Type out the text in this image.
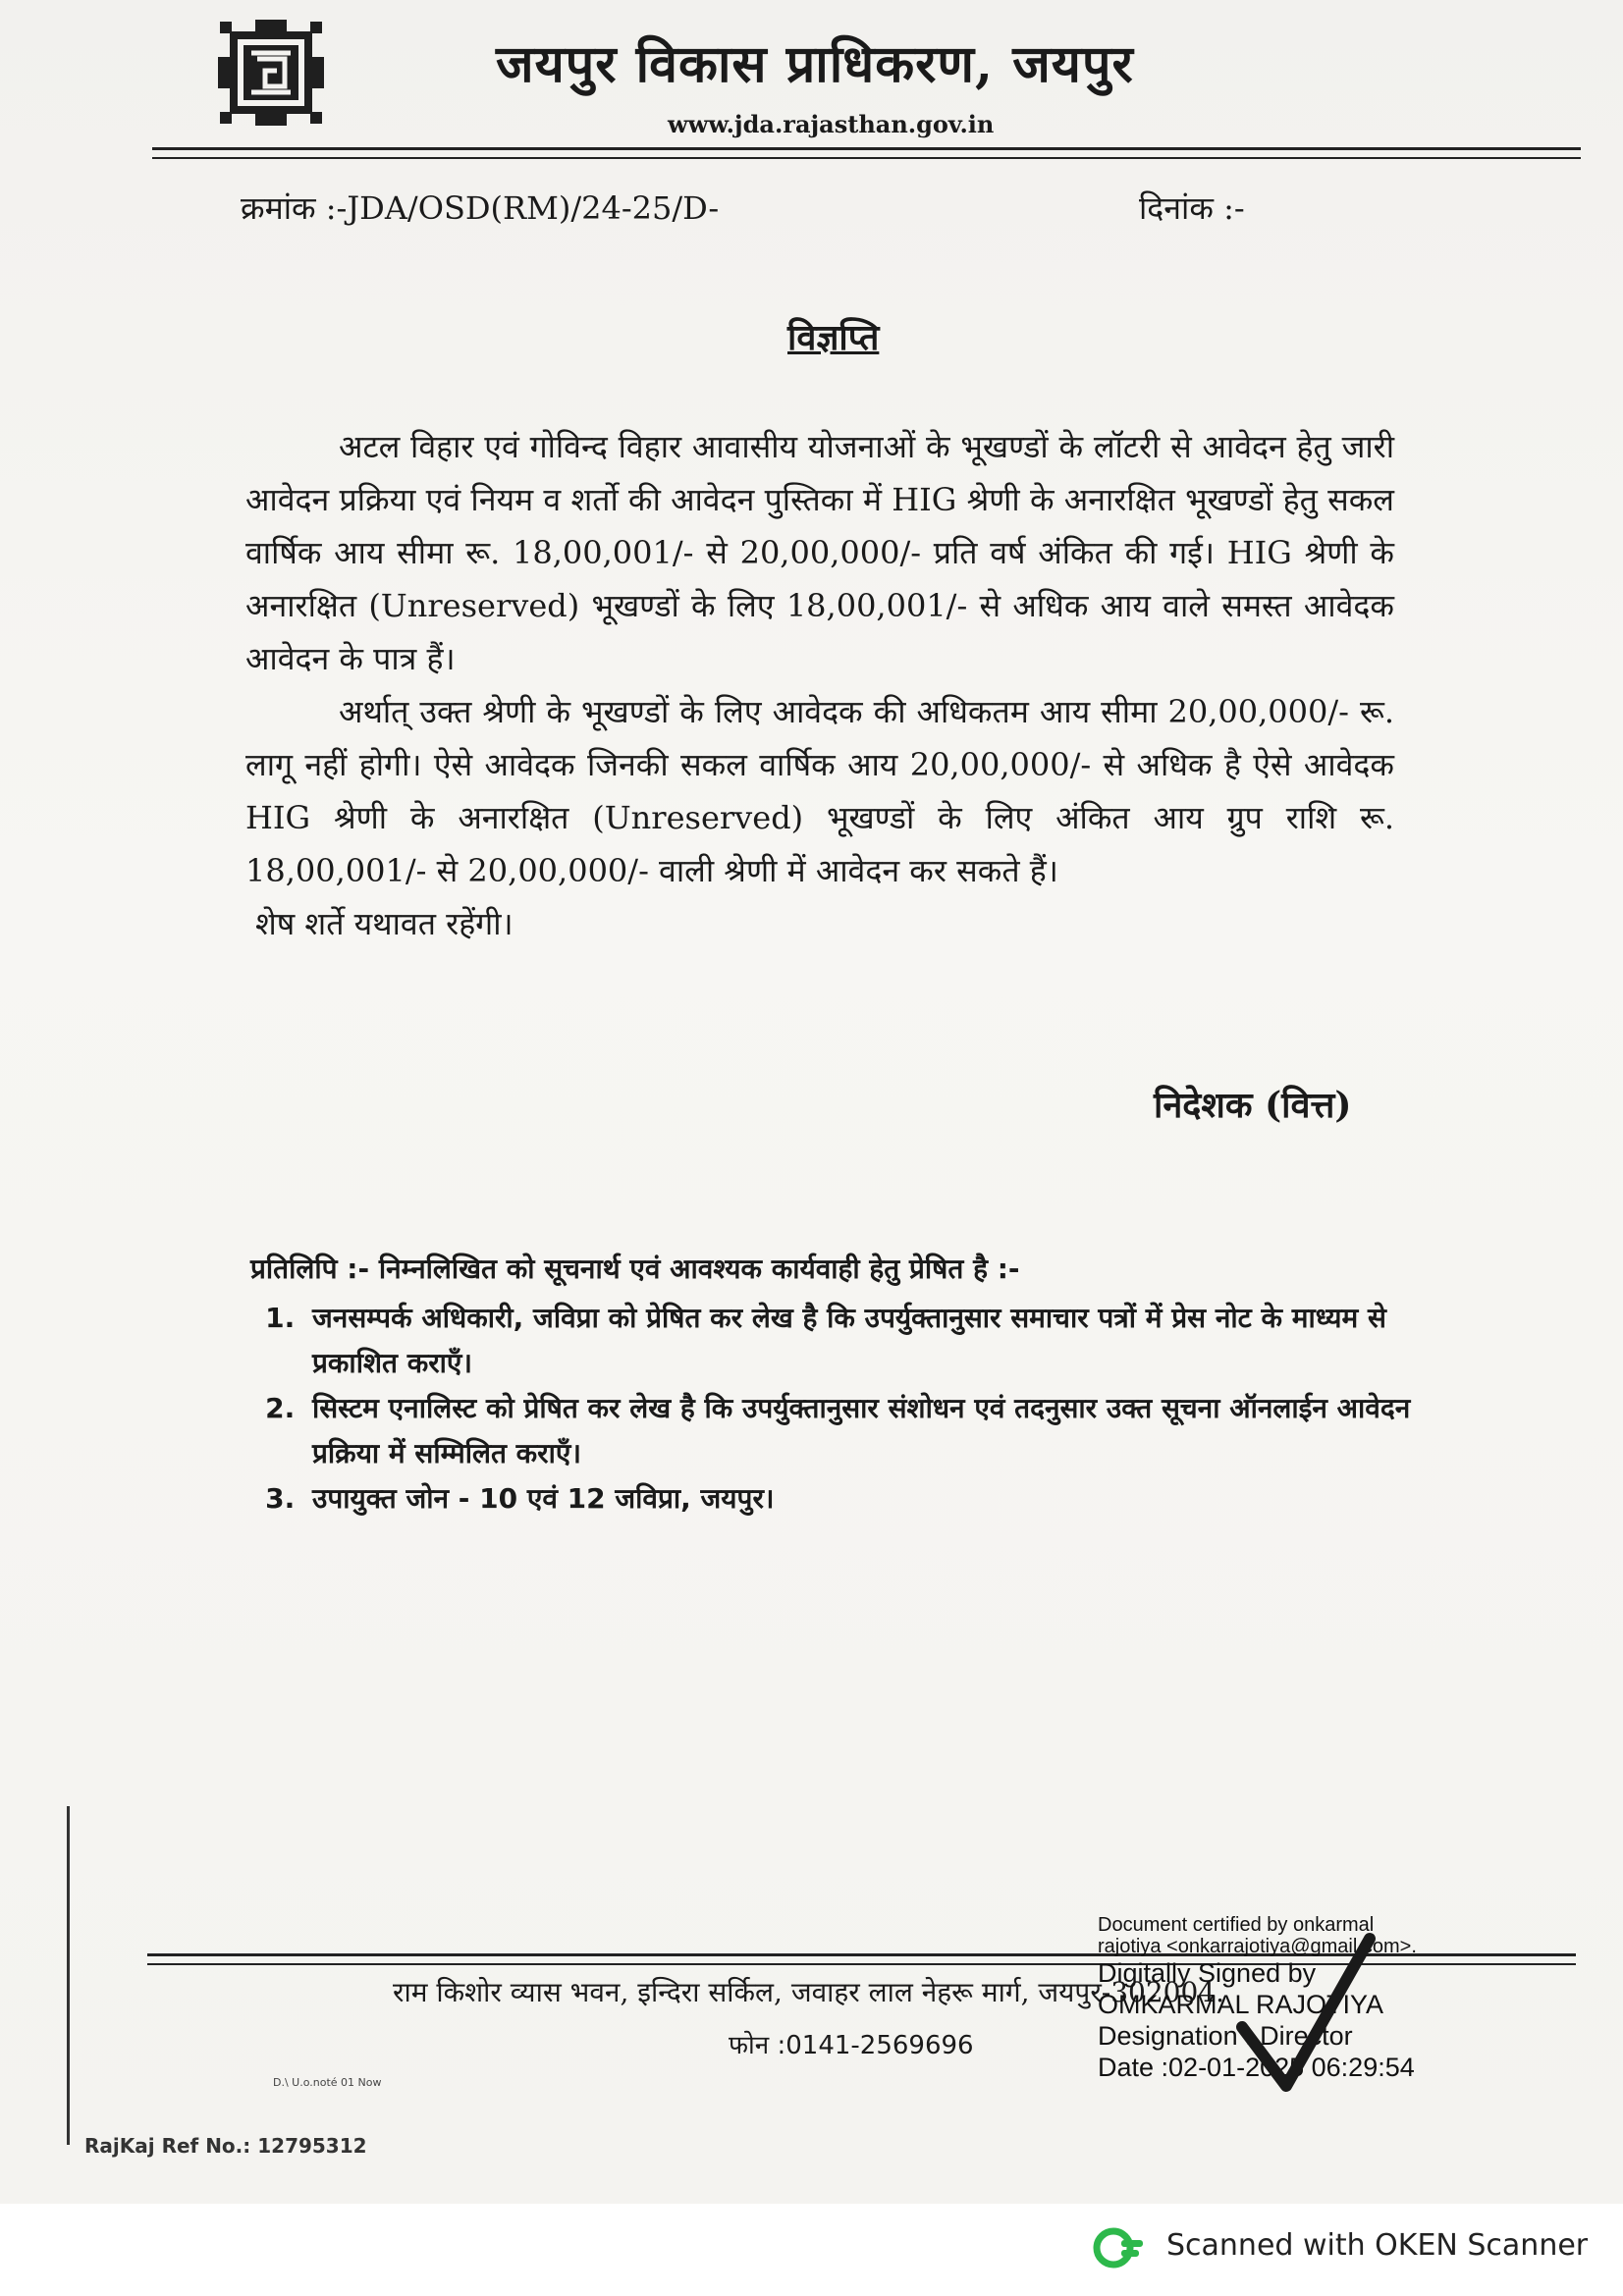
जयपुर विकास प्राधिकरण, जयपुर
www.jda.rajasthan.gov.in
क्रमांक :-JDA/OSD(RM)/24-25/D-	दिनांक :-
विज्ञप्ति

अटल विहार एवं गोविन्द विहार आवासीय योजनाओं के भूखण्डों के लॉटरी से आवेदन हेतु जारी आवेदन प्रक्रिया एवं नियम व शर्तो की आवेदन पुस्तिका में HIG श्रेणी के अनारक्षित भूखण्डों हेतु सकल वार्षिक आय सीमा रू. 18,00,001/- से 20,00,000/- प्रति वर्ष अंकित की गई। HIG श्रेणी के अनारक्षित (Unreserved) भूखण्डों के लिए 18,00,001/- से अधिक आय वाले समस्त आवेदक आवेदन के पात्र हैं।

अर्थात् उक्त श्रेणी के भूखण्डों के लिए आवेदक की अधिकतम आय सीमा 20,00,000/- रू. लागू नहीं होगी। ऐसे आवेदक जिनकी सकल वार्षिक आय 20,00,000/- से अधिक है ऐसे आवेदक HIG श्रेणी के अनारक्षित (Unreserved) भूखण्डों के लिए अंकित आय ग्रुप राशि रू. 18,00,001/- से 20,00,000/- वाली श्रेणी में आवेदन कर सकते हैं।

शेष शर्ते यथावत रहेंगी।

निदेशक (वित्त)

प्रतिलिपि :- निम्नलिखित को सूचनार्थ एवं आवश्यक कार्यवाही हेतु प्रेषित है :-

1. जनसम्पर्क अधिकारी, जविप्रा को प्रेषित कर लेख है कि उपर्युक्तानुसार समाचार पत्रों में प्रेस नोट के माध्यम से प्रकाशित कराएँ।
2. सिस्टम एनालिस्ट को प्रेषित कर लेख है कि उपर्युक्तानुसार संशोधन एवं तदनुसार उक्त सूचना ऑनलाईन आवेदन प्रक्रिया में सम्मिलित कराएँ।
3. उपायुक्त जोन - 10 एवं 12 जविप्रा, जयपुर।
राम किशोर व्यास भवन, इन्दिरा सर्किल, जवाहर लाल नेहरू मार्ग, जयपुर-302004.
फोन :0141-2569696
D.\ U.o.noté 01 Now
RajKaj Ref No.: 12795312
Document certified by onkarmal
rajotiya <onkarrajotiya@gmail.com>.
Digitally Signed by
OMKARMAL RAJOTIYA
Designation : Director
Date :02-01-2025 06:29:54
Scanned with OKEN Scanner
